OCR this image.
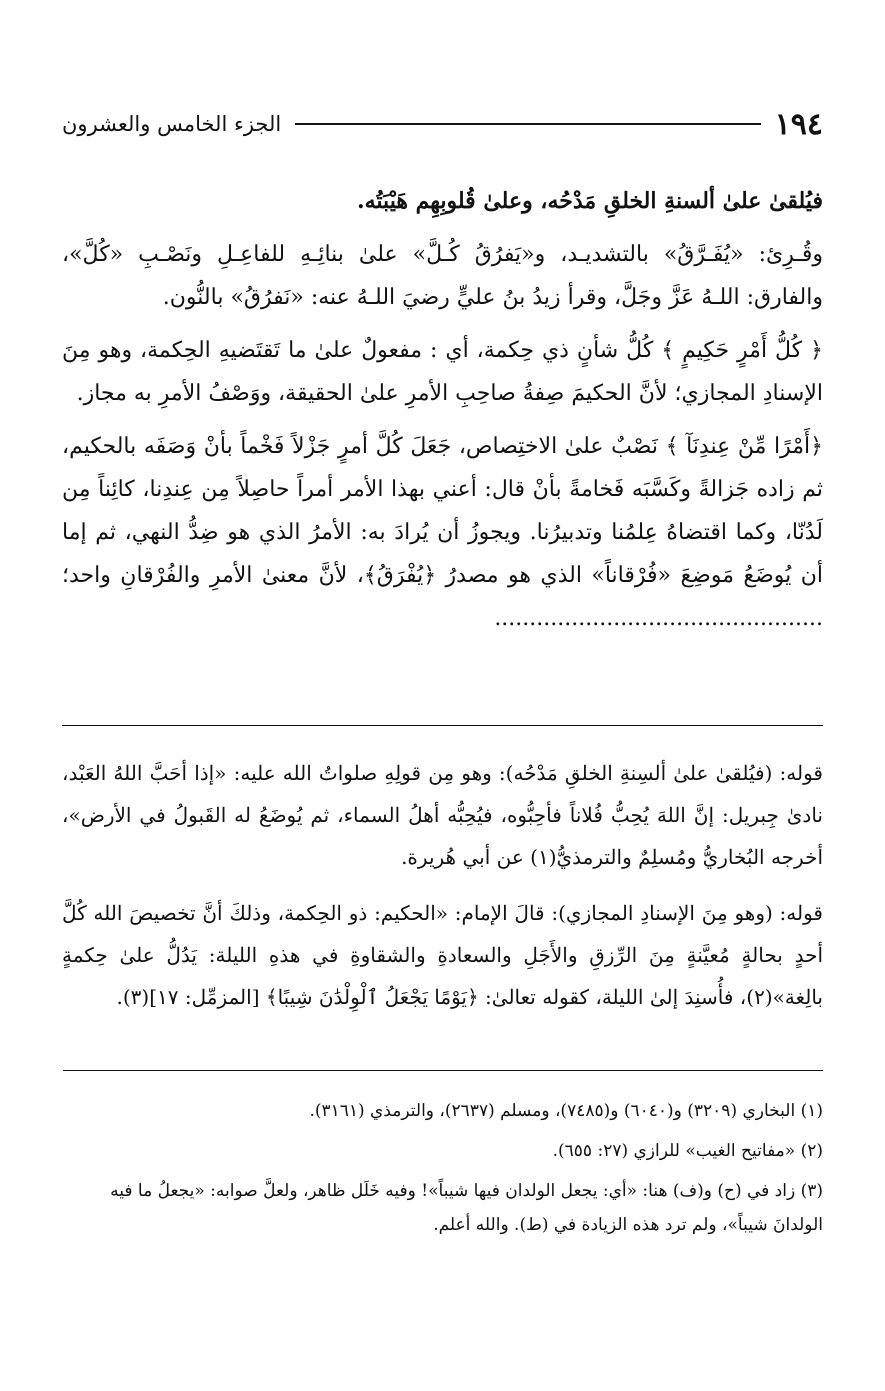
١٩٤
الجزء الخامس والعشرون

فيُلقىٰ علىٰ ألسنةِ الخلقِ مَدْحُه، وعلىٰ قُلوبِهِم هَيْبَتُه.

وقُـرِئ: «يُفَـرَّقُ» بالتشديـد، و«يَفرُقُ كُـلَّ» علىٰ بنائِـهِ للفاعِـلِ ونَصْـبِ «كُلَّ»، والفارق: اللـهُ عَزَّ وجَلَّ، وقرأ زيدُ بنُ عليٍّ رضيَ اللـهُ عنه: «نَفرُقُ» بالنُّون.

﴿ كُلُّ أَمْرٍ حَكِيمٍ ﴾ كُلُّ شأنٍ ذي حِكمة، أي : مفعولٌ علىٰ ما تَقتَضيهِ الحِكمة، وهو مِنَ الإسنادِ المجازي؛ لأنَّ الحكيمَ صِفةُ صاحِبِ الأمرِ علىٰ الحقيقة، ووَصْفُ الأمرِ به مجاز.

﴿أَمْرًا مِّنْ عِندِنَآ ﴾ نَصْبٌ علىٰ الاختِصاص، جَعَلَ كُلَّ أمرٍ جَزْلاً فَخْماً بأنْ وَصَفَه بالحكيم، ثم زاده جَزالةً وكَسَّبَه فَخامةً بأنْ قال: أعني بهذا الأمر أمراً حاصِلاً مِن عِندِنا، كائِناً مِن لَدُنّا، وكما اقتضاهُ عِلمُنا وتدبيرُنا. ويجوزُ أن يُرادَ به: الأمرُ الذي هو ضِدُّ النهي، ثم إما أن يُوضَعُ مَوضِعَ «فُرْقاناً» الذي هو مصدرُ ﴿يُفْرَقُ﴾، لأنَّ معنىٰ الأمرِ والفُرْقانِ واحد؛ ...............................................

قوله: (فيُلقىٰ علىٰ ألسِنةِ الخلقِ مَدْحُه): وهو مِن قولِهِ صلواتُ الله عليه: «إذا أحَبَّ اللهُ العَبْد، نادىٰ جِبريل: إنَّ اللهَ يُحِبُّ فُلاناً فأحِبُّوه، فيُحِبُّه أهلُ السماء، ثم يُوضَعُ له القَبولُ في الأرض»، أخرجه البُخاريُّ ومُسلِمٌ والترمذيُّ(١) عن أبي هُريرة.

قوله: (وهو مِنَ الإسنادِ المجازي): قالَ الإمام: «الحكيم: ذو الحِكمة، وذلكَ أنَّ تخصيصَ الله كُلَّ أحدٍ بحالةٍ مُعيَّنةٍ مِنَ الرِّزقِ والأَجَلِ والسعادةِ والشقاوةِ في هذهِ الليلة: يَدُلُّ علىٰ حِكمةٍ بالِغة»(٢)، فأُسنِدَ إلىٰ الليلة، كقوله تعالىٰ: ﴿يَوْمًا يَجْعَلُ ٱلْوِلْدَٰنَ شِيبًا﴾ [المزمِّل: ١٧](٣).

(١) البخاري (٣٢٠٩) و(٦٠٤٠) و(٧٤٨٥)، ومسلم (٢٦٣٧)، والترمذي (٣١٦١).

(٢) «مفاتيح الغيب» للرازي (٢٧: ٦٥٥).

(٣) زاد في (ح) و(ف) هنا: «أي: يجعل الولدان فيها شيباً»! وفيه خَلَل ظاهر، ولعلَّ صوابه: «يجعلُ ما فيه الولدانَ شيباً»، ولم ترد هذه الزيادة في (ط). والله أعلم.
